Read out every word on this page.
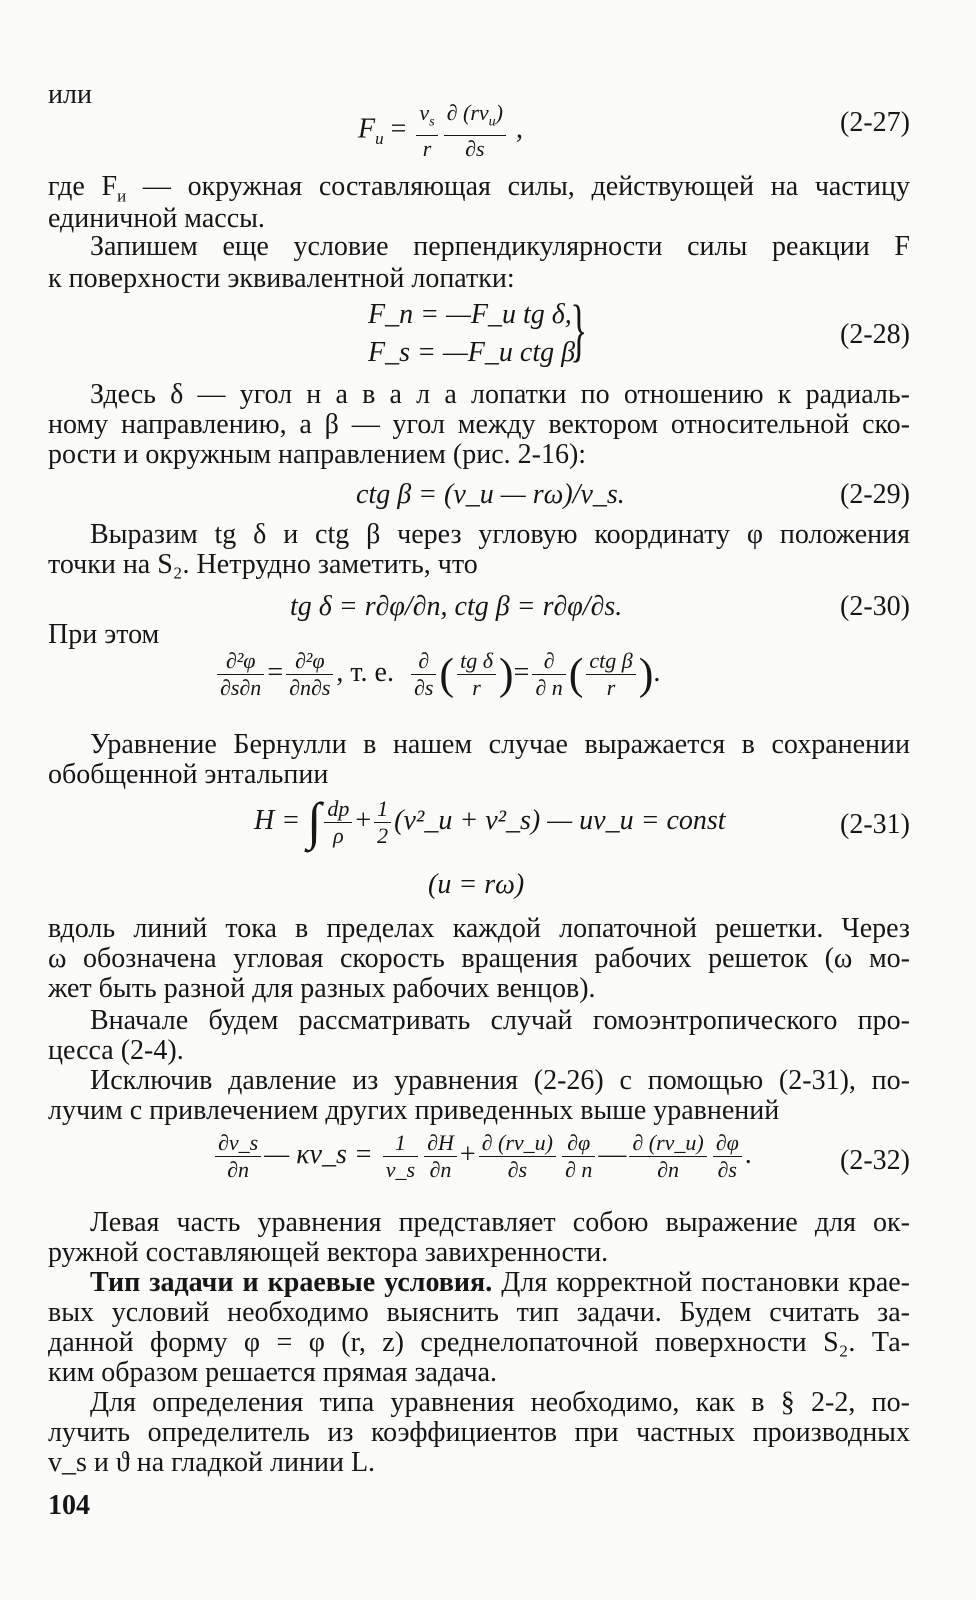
или
$F_u = \frac{v_s}{r} \frac{\partial (rv_u)}{\partial s}$ ,	(2-27)
где $F_и$ — окружная составляющая силы, действующей на частицу
единичной массы.
Запишем еще условие перпендикулярности силы реакции F
к поверхности эквивалентной лопатки:
F_n = —F_u tg δ,
F_s = —F_u ctg β.
}	(2-28)
Здесь δ — угол н а в а л а лопатки по отношению к радиаль-
ному направлению, а β — угол между вектором относительной ско-
рости и окружным направлением (рис. 2-16):
ctg β = (v_u — rω)/v_s.	(2-29)
Выразим tg δ и ctg β через угловую координату φ положения
точки на S₂. Нетрудно заметить, что
tg δ = r∂φ/∂n, ctg β = r∂φ/∂s.	(2-30)
При этом
$\frac{\text{∂²φ}}{\partial s\partial n} = \frac{\text{∂²φ}}{\partial n\partial s}$ , т. е. $\frac{\partial}{\partial s}$ ( $\frac{\text{tg δ}}{r}$ )= $\frac{\partial}{\partial n}$ ( $\frac{\text{ctg β}}{r}$ ).
Уравнение Бернулли в нашем случае выражается в сохранении
обобщенной энтальпии
H = ∫ $\frac{dp}{\rho} + \frac{1}{2}$ (v²_u + v²_s) — uv_u = const	(2-31)
(u = rω)
вдоль линий тока в пределах каждой лопаточной решетки. Через
ω обозначена угловая скорость вращения рабочих решеток (ω мо-
жет быть разной для разных рабочих венцов).
Вначале будем рассматривать случай гомоэнтропического про-
цесса (2-4).
Исключив давление из уравнения (2-26) с помощью (2-31), по-
лучим с привлечением других приведенных выше уравнений
$\frac{\partial v\_s}{\partial n}$ — κv_s = $\frac{1}{v\_s} \frac{\partial H}{\partial n} + \frac{\partial (rv\_u)}{\partial s} \frac{\partial\varphi}{\partial n}$ — $\frac{\partial (rv\_u)}{\partial n} \frac{\partial\varphi}{\partial s}$ .	(2-32)
Левая часть уравнения представляет собою выражение для ок-
ружной составляющей вектора завихренности.
Тип задачи и краевые условия. Для корректной постановки крае-
вых условий необходимо выяснить тип задачи. Будем считать за-
данной форму φ = φ (r, z) среднелопаточной поверхности S₂. Та-
ким образом решается прямая задача.
Для определения типа уравнения необходимо, как в § 2-2, по-
лучить определитель из коэффициентов при частных производных
v_s и ϑ на гладкой линии L.
104
